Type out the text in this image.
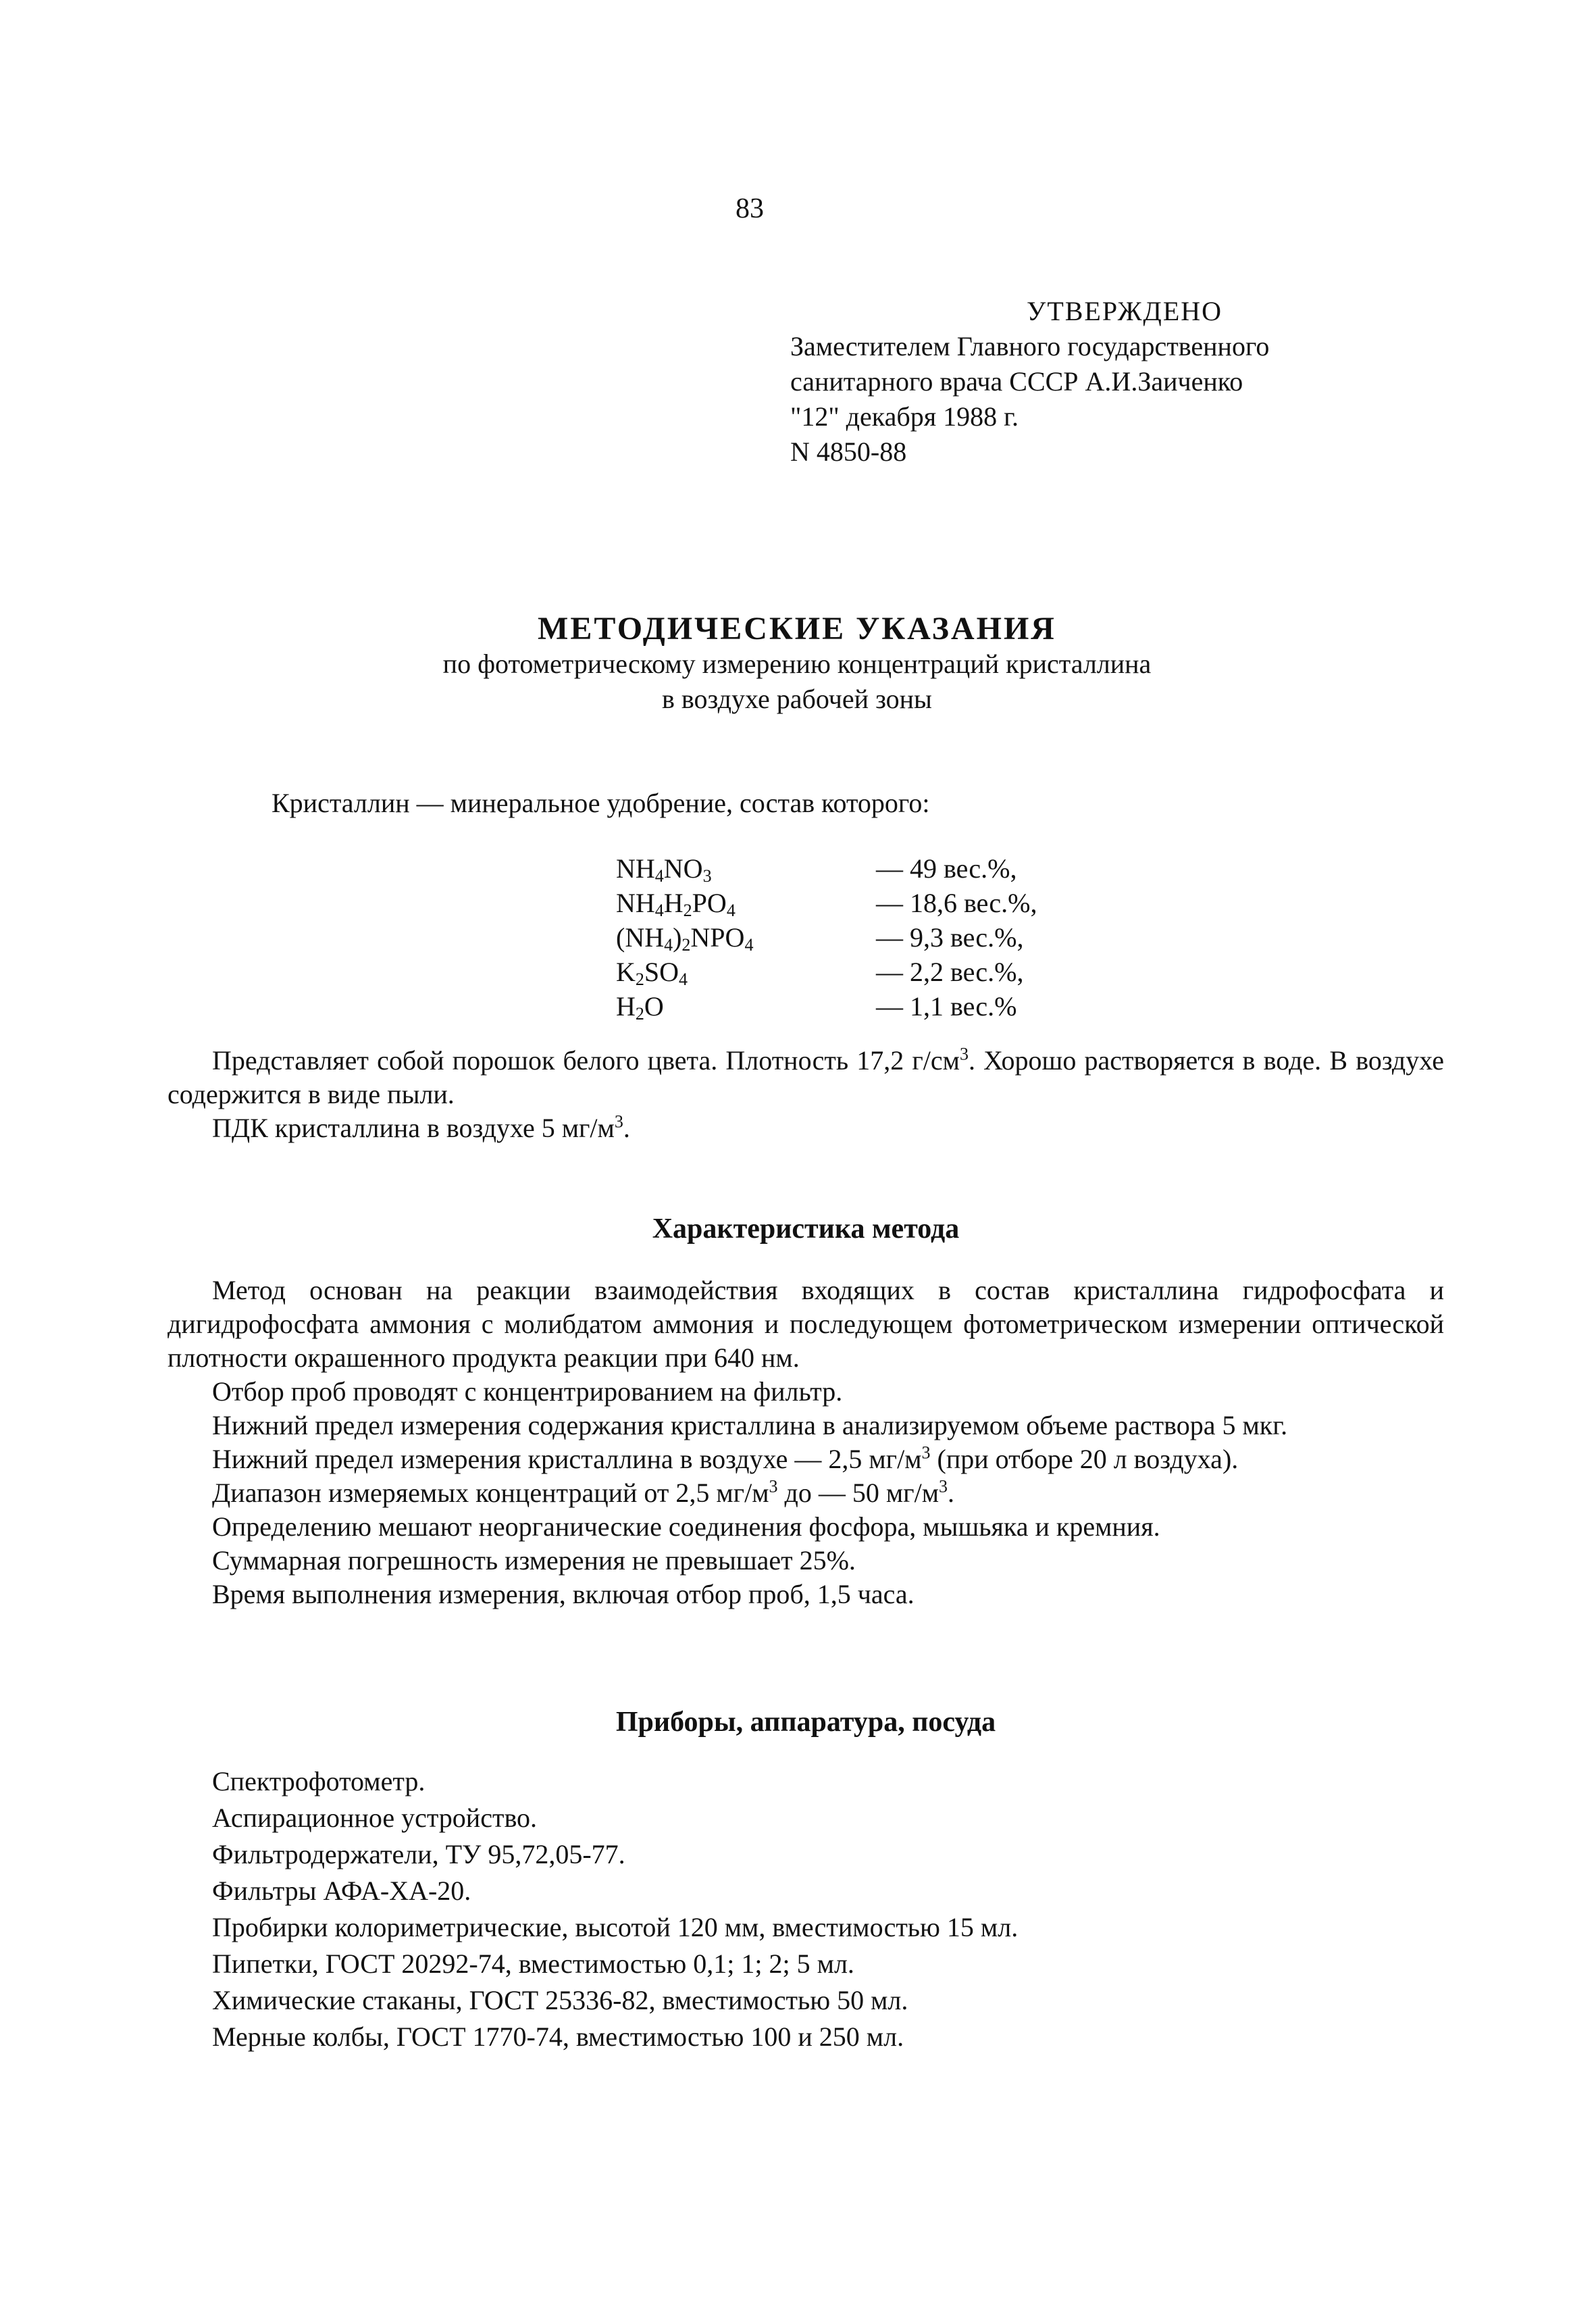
83
УТВЕРЖДЕНО
Заместителем Главного государственного
санитарного врача СССР А.И.Заиченко
"12" декабря 1988 г.
N 4850-88
МЕТОДИЧЕСКИЕ УКАЗАНИЯ
по фотометрическому измерению концентраций кристаллина
в воздухе рабочей зоны
Кристаллин — минеральное удобрение, состав которого:
$NH_4NO_3$	— 49 вес.%,
$NH_4H_2PO_4$	— 18,6 вес.%,
$(NH_4)_2NPO_4$	— 9,3 вес.%,
$K_2SO_4$	— 2,2 вес.%,
$H_2O$	— 1,1 вес.%
Представляет собой порошок белого цвета. Плотность 17,2 $г/см^3$. Хорошо растворяется в воде. В воздухе содержится в виде пыли.
ПДК кристаллина в воздухе 5 $мг/м^3$.
Характеристика метода
Метод основан на реакции взаимодействия входящих в состав кристаллина гидрофосфата и дигидрофосфата аммония с молибдатом аммония и последующем фотометрическом измерении оптической плотности окрашенного продукта реакции при 640 нм.
Отбор проб проводят с концентрированием на фильтр.
Нижний предел измерения содержания кристаллина в анализируемом объеме раствора 5 мкг.
Нижний предел измерения кристаллина в воздухе — 2,5 $мг/м^3$ (при отборе 20 л воздуха).
Диапазон измеряемых концентраций от 2,5 $мг/м^3$ до — 50 $мг/м^3$.
Определению мешают неорганические соединения фосфора, мышьяка и кремния.
Суммарная погрешность измерения не превышает 25%.
Время выполнения измерения, включая отбор проб, 1,5 часа.
Приборы, аппаратура, посуда
Спектрофотометр.
Аспирационное устройство.
Фильтродержатели, ТУ 95,72,05-77.
Фильтры АФА-ХА-20.
Пробирки колориметрические, высотой 120 мм, вместимостью 15 мл.
Пипетки, ГОСТ 20292-74, вместимостью 0,1; 1; 2; 5 мл.
Химические стаканы, ГОСТ 25336-82, вместимостью 50 мл.
Мерные колбы, ГОСТ 1770-74, вместимостью 100 и 250 мл.
